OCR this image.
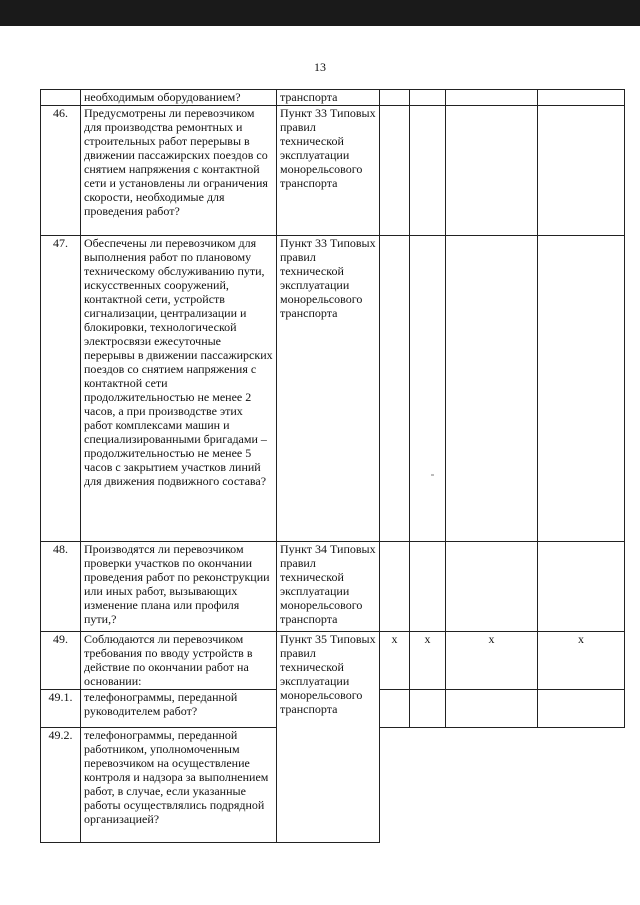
13
	необходимым оборудованием?	транспорта				
46.	Предусмотрены ли перевозчиком для производства ремонтных и строительных работ перерывы в движении пассажирских поездов со снятием напряжения с контактной сети и установлены ли ограничения скорости, необходимые для проведения работ?	Пункт 33 Типовых правил технической эксплуатации монорельсового транспорта				
47.	Обеспечены ли перевозчиком для выполнения работ по плановому техническому обслуживанию пути, искусственных сооружений, контактной сети, устройств сигнализации, централизации и блокировки, технологической электросвязи ежесуточные перерывы в движении пассажирских поездов со снятием напряжения с контактной сети продолжительностью не менее 2 часов, а при производстве этих работ комплексами машин и специализированными бригадами – продолжительностью не менее 5 часов с закрытием участков линий для движения подвижного состава?	Пункт 33 Типовых правил технической эксплуатации монорельсового транспорта				
48.	Производятся ли перевозчиком проверки участков по окончании проведения работ по реконструкции или иных работ, вызывающих изменение плана или профиля пути,?	Пункт 34 Типовых правил технической эксплуатации монорельсового транспорта				
49.	Соблюдаются ли перевозчиком требования по вводу устройств в действие по окончании работ на основании:	Пункт 35 Типовых правил технической эксплуатации монорельсового транспорта	x	x	x	x
49.1.	телефонограммы, переданной руководителем работ?					
49.2.	телефонограммы, переданной работником, уполномоченным перевозчиком на осуществление контроля и надзора за выполнением работ, в случае, если указанные работы осуществлялись подрядной организацией?					
